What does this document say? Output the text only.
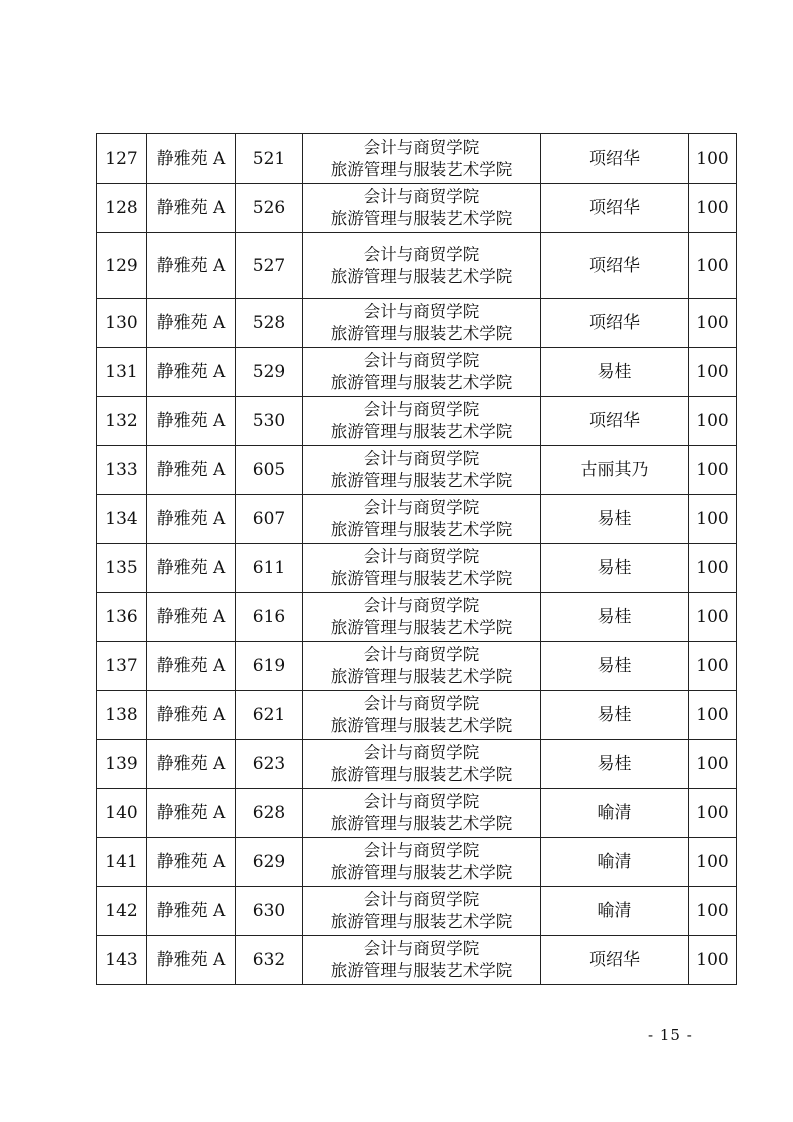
127	静雅苑 A	521	会计与商贸学院
旅游管理与服装艺术学院	项绍华	100
128	静雅苑 A	526	会计与商贸学院
旅游管理与服装艺术学院	项绍华	100
129	静雅苑 A	527	会计与商贸学院
旅游管理与服装艺术学院	项绍华	100
130	静雅苑 A	528	会计与商贸学院
旅游管理与服装艺术学院	项绍华	100
131	静雅苑 A	529	会计与商贸学院
旅游管理与服装艺术学院	易桂	100
132	静雅苑 A	530	会计与商贸学院
旅游管理与服装艺术学院	项绍华	100
133	静雅苑 A	605	会计与商贸学院
旅游管理与服装艺术学院	古丽其乃	100
134	静雅苑 A	607	会计与商贸学院
旅游管理与服装艺术学院	易桂	100
135	静雅苑 A	611	会计与商贸学院
旅游管理与服装艺术学院	易桂	100
136	静雅苑 A	616	会计与商贸学院
旅游管理与服装艺术学院	易桂	100
137	静雅苑 A	619	会计与商贸学院
旅游管理与服装艺术学院	易桂	100
138	静雅苑 A	621	会计与商贸学院
旅游管理与服装艺术学院	易桂	100
139	静雅苑 A	623	会计与商贸学院
旅游管理与服装艺术学院	易桂	100
140	静雅苑 A	628	会计与商贸学院
旅游管理与服装艺术学院	喻清	100
141	静雅苑 A	629	会计与商贸学院
旅游管理与服装艺术学院	喻清	100
142	静雅苑 A	630	会计与商贸学院
旅游管理与服装艺术学院	喻清	100
143	静雅苑 A	632	会计与商贸学院
旅游管理与服装艺术学院	项绍华	100
- 15 -
